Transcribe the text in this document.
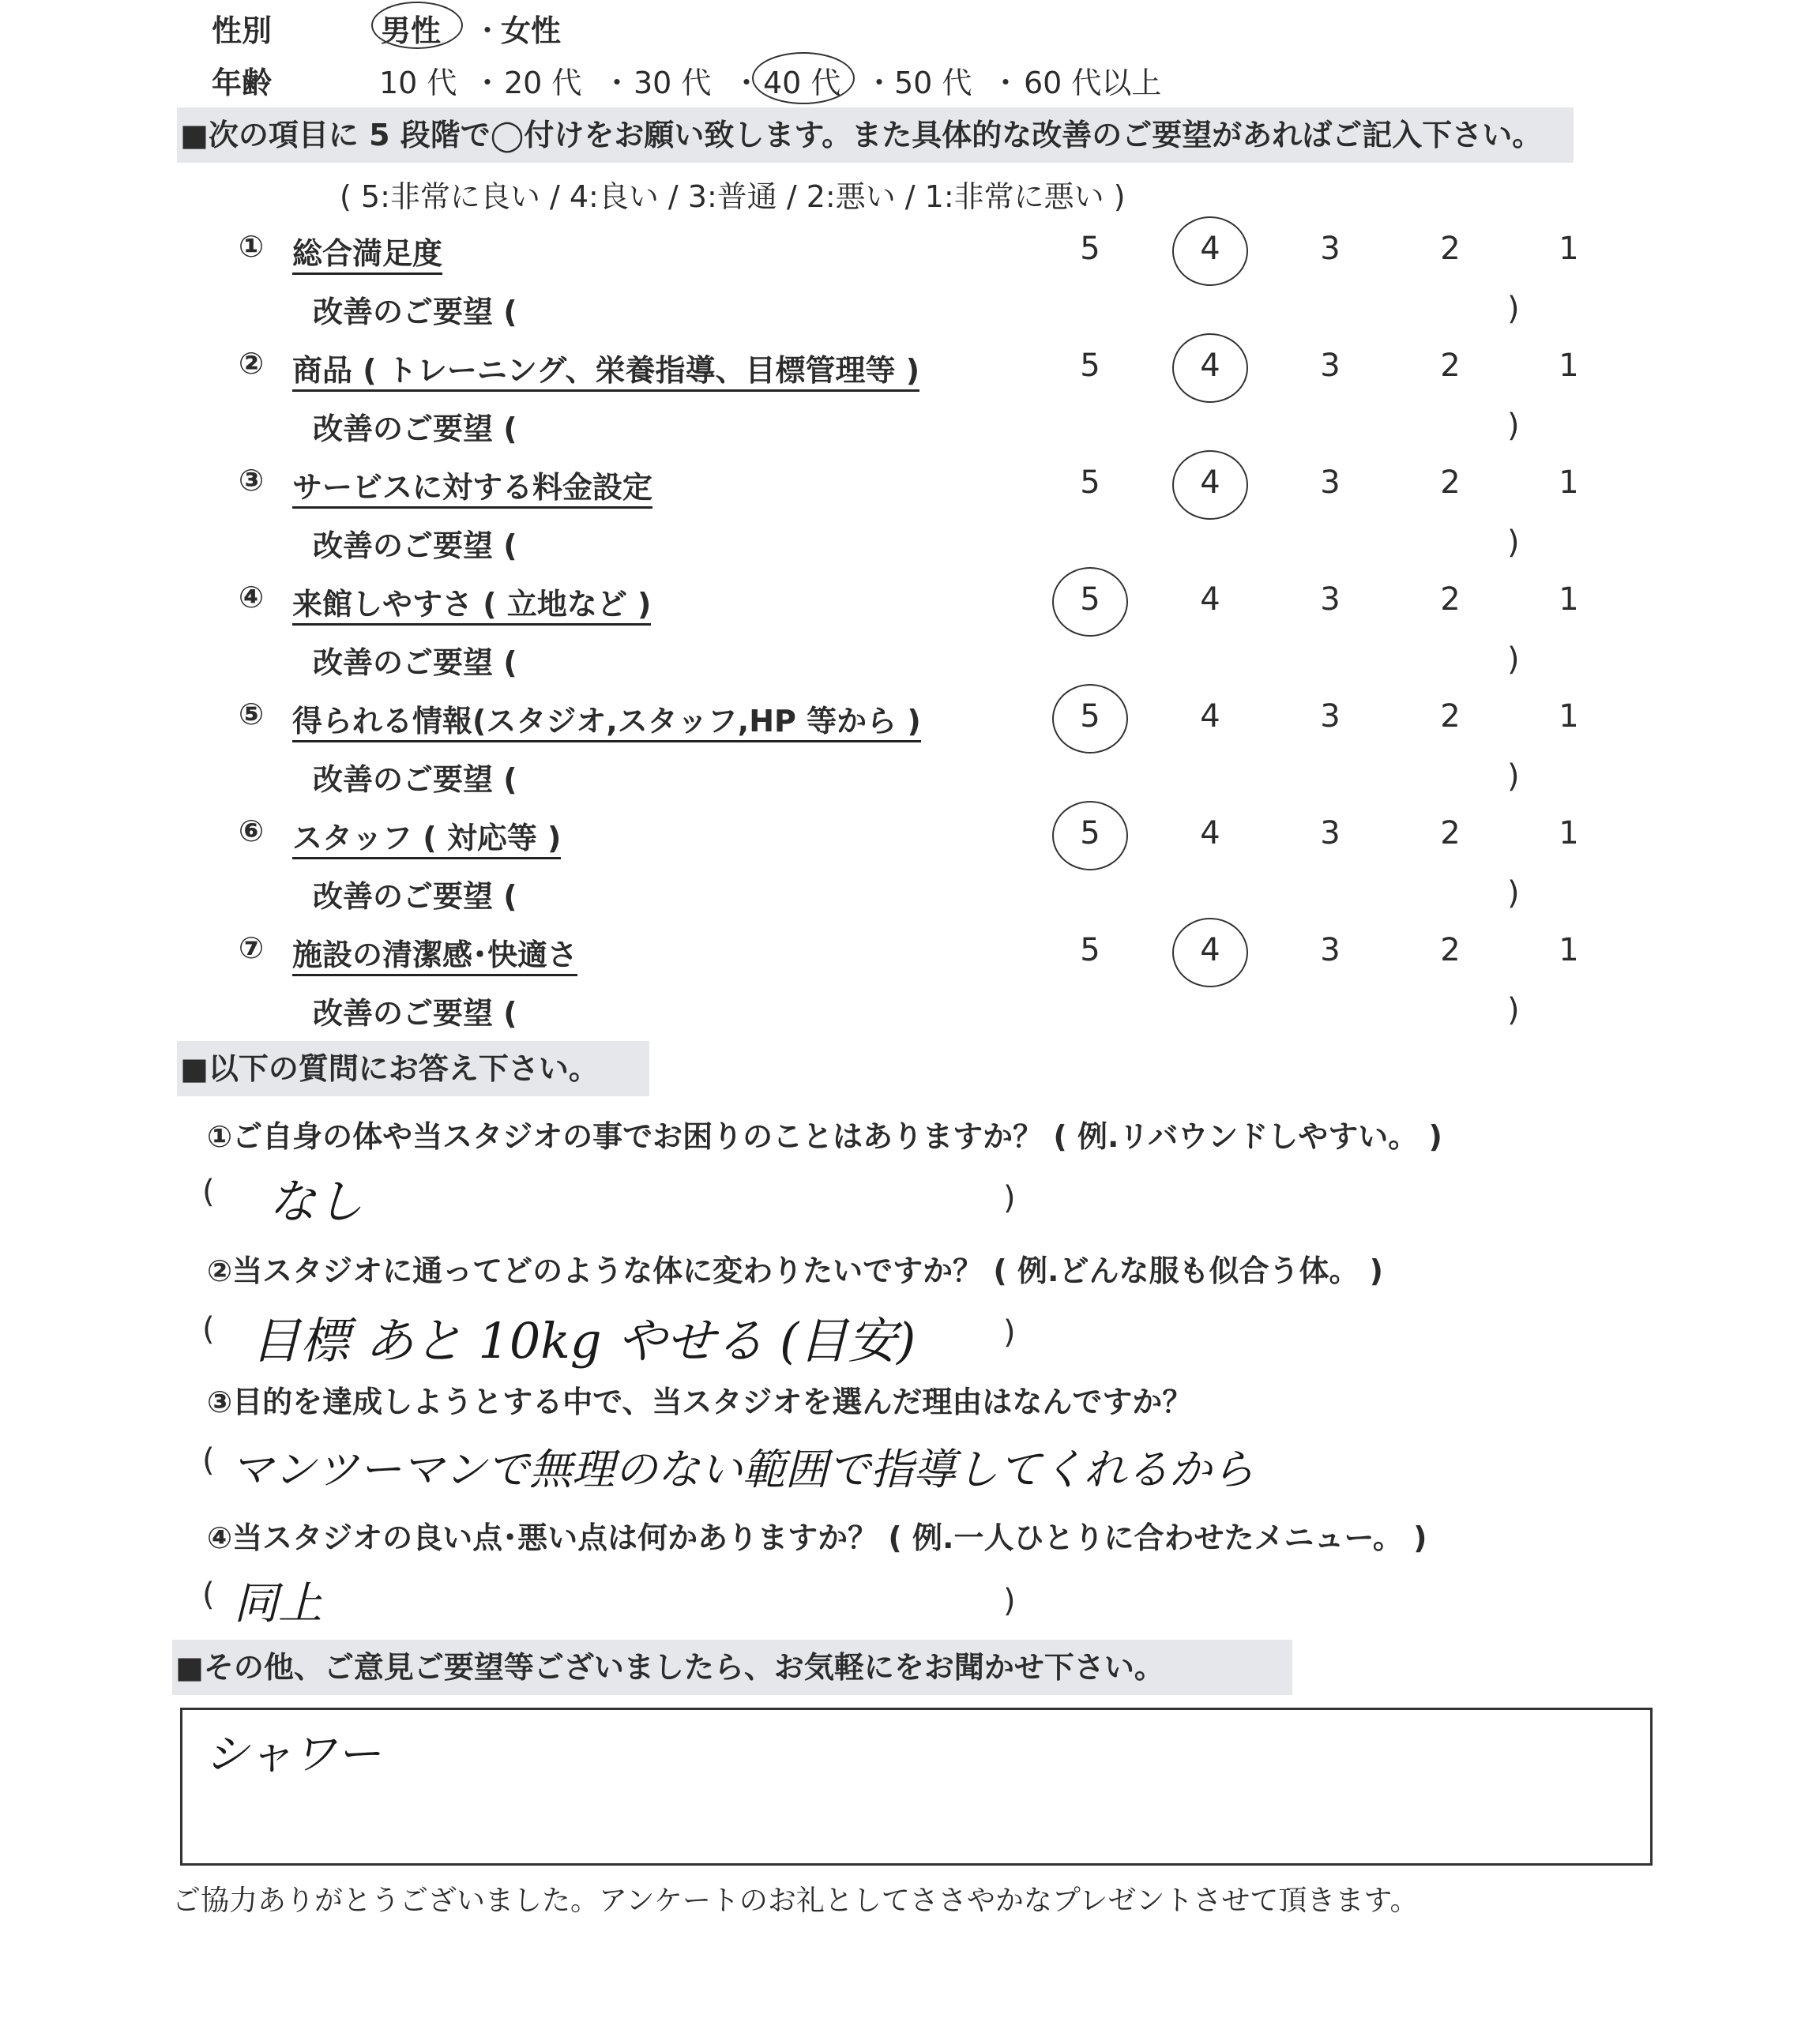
性別	男性 ・
女性
年齢	10 代 ・ 20 代 ・ 30 代 ・ 40 代 ・ 50 代 ・ 60 代以上
■次の項目に 5 段階で◯付けをお願い致します。また具体的な改善のご要望があればご記入下さい。
( 5:非常に良い / 4:良い / 3:普通 / 2:悪い / 1:非常に悪い )
① 総合満足度	5	4	3	2	1
改善のご要望 (	)
② 商品 ( トレーニング、栄養指導、目標管理等 )	5	4	3	2	1
改善のご要望 (	)
③ サービスに対する料金設定	5	4	3	2	1
改善のご要望 (	)
④ 来館しやすさ ( 立地など )	5	4	3	2	1
改善のご要望 (	)
⑤ 得られる情報(スタジオ,スタッフ,HP 等から )	5	4	3	2	1
改善のご要望 (	)
⑥ スタッフ ( 対応等 )	5	4	3	2	1
改善のご要望 (	)
⑦ 施設の清潔感･快適さ	5	4	3	2	1
改善のご要望 (	)
■以下の質問にお答え下さい。
①ご自身の体や当スタジオの事でお困りのことはありますか？ ( 例.リバウンドしやすい。 )
( なし	)
②当スタジオに通ってどのような体に変わりたいですか？ ( 例.どんな服も似合う体。 )
( 目標 あと 10kg やせる (目安)	)
③目的を達成しようとする中で、当スタジオを選んだ理由はなんですか？
( マンツーマンで無理のない範囲で指導してくれるから
④当スタジオの良い点･悪い点は何かありますか？ ( 例.一人ひとりに合わせたメニュー。 )
( 同上	)
■その他、ご意見ご要望等ございましたら、お気軽にをお聞かせ下さい。
シャワー
ご協力ありがとうございました。アンケートのお礼としてささやかなプレゼントさせて頂きます。
